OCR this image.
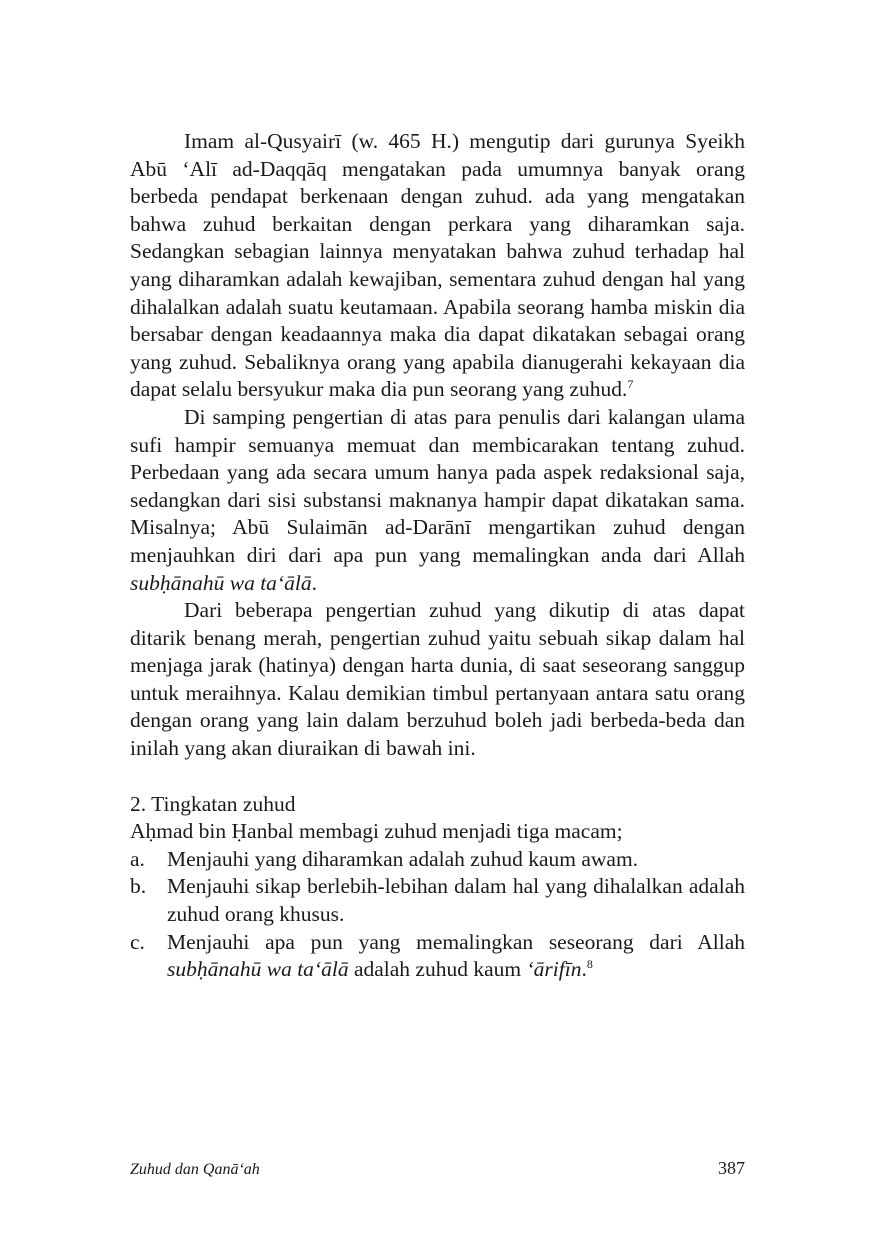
Imam al-Qusyairī (w. 465 H.) mengutip dari gurunya Syeikh Abū ‘Alī ad-Daqqāq mengatakan pada umumnya banyak orang berbeda pendapat berkenaan dengan zuhud. ada yang mengatakan bahwa zuhud berkaitan dengan perkara yang diharamkan saja. Sedangkan sebagian lainnya menyatakan bahwa zuhud terhadap hal yang diharamkan adalah kewajiban, sementara zuhud dengan hal yang dihalalkan adalah suatu keutamaan. Apabila seorang hamba miskin dia bersabar dengan keadaannya maka dia dapat dikatakan sebagai orang yang zuhud. Sebaliknya orang yang apabila dianugerahi kekayaan dia dapat selalu bersyukur maka dia pun seorang yang zuhud.$^7$

Di samping pengertian di atas para penulis dari kalangan ulama sufi hampir semuanya memuat dan membicarakan tentang zuhud. Perbedaan yang ada secara umum hanya pada aspek redaksional saja, sedangkan dari sisi substansi maknanya hampir dapat dikatakan sama. Misalnya; Abū Sulaimān ad-Darānī mengartikan zuhud dengan menjauhkan diri dari apa pun yang memalingkan anda dari Allah subḥānahū wa ta‘ālā.

Dari beberapa pengertian zuhud yang dikutip di atas dapat ditarik benang merah, pengertian zuhud yaitu sebuah sikap dalam hal menjaga jarak (hatinya) dengan harta dunia, di saat seseorang sanggup untuk meraihnya. Kalau demikian timbul pertanyaan antara satu orang dengan orang yang lain dalam berzuhud boleh jadi berbeda-beda dan inilah yang akan diuraikan di bawah ini.

2. Tingkatan zuhud

Aḥmad bin Ḥanbal membagi zuhud menjadi tiga macam;

a.	Menjauhi yang diharamkan adalah zuhud kaum awam.
b. Menjauhi sikap berlebih-lebihan dalam hal yang dihalalkan adalah zuhud orang khusus.
c.	Menjauhi apa pun yang memalingkan seseorang dari Allah subḥānahū wa ta‘ālā adalah zuhud kaum ‘ārifīn.$^8$
Zuhud dan Qanā‘ah	387
